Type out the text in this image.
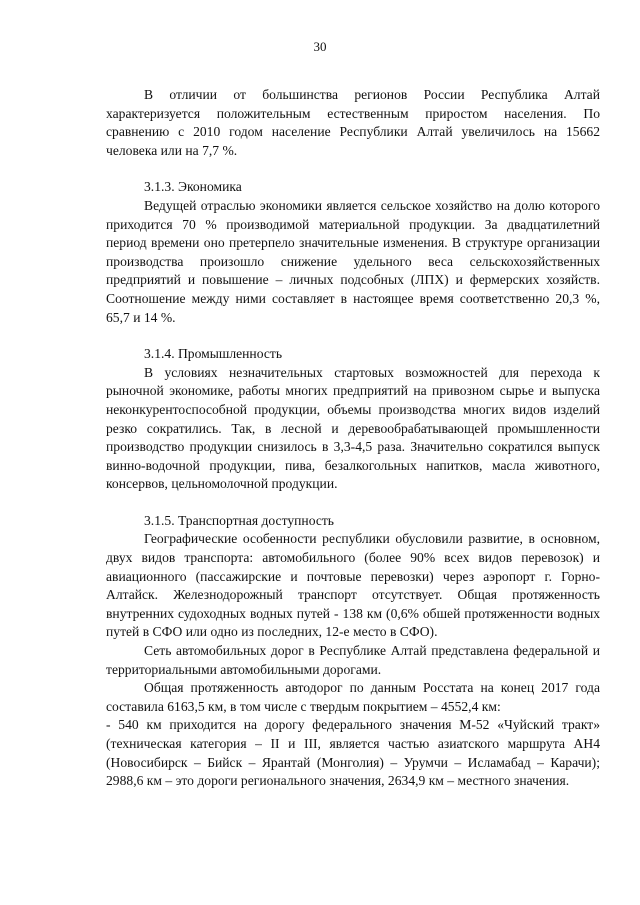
30

В отличии от большинства регионов России Республика Алтай характеризуется положительным естественным приростом населения. По сравнению с 2010 годом население Республики Алтай увеличилось на 15662 человека или на 7,7 %.

3.1.3. Экономика

Ведущей отраслью экономики является сельское хозяйство на долю которого приходится 70 % производимой материальной продукции. За двадцатилетний период времени оно претерпело значительные изменения. В структуре организации производства произошло снижение удельного веса сельскохозяйственных предприятий и повышение – личных подсобных (ЛПХ) и фермерских хозяйств. Соотношение между ними составляет в настоящее время соответственно 20,3 %, 65,7 и 14 %.

3.1.4. Промышленность

В условиях незначительных стартовых возможностей для перехода к рыночной экономике, работы многих предприятий на привозном сырье и выпуска неконкурентоспособной продукции, объемы производства многих видов изделий резко сократились. Так, в лесной и деревообрабатывающей промышленности производство продукции снизилось в 3,3-4,5 раза. Значительно сократился выпуск винно-водочной продукции, пива, безалкогольных напитков, масла животного, консервов, цельномолочной продукции.

3.1.5. Транспортная доступность

Географические особенности республики обусловили развитие, в основном, двух видов транспорта: автомобильного (более 90% всех видов перевозок) и авиационного (пассажирские и почтовые перевозки) через аэропорт г. Горно-Алтайск. Железнодорожный транспорт отсутствует. Общая протяженность внутренних судоходных водных путей - 138 км (0,6% обшей протяженности водных путей в СФО или одно из последних, 12-е место в СФО).

Сеть автомобильных дорог в Республике Алтай представлена федеральной и территориальными автомобильными дорогами.

Общая протяженность автодорог по данным Росстата на конец 2017 года составила 6163,5 км, в том числе с твердым покрытием – 4552,4 км:

- 540 км приходится на дорогу федерального значения М-52 «Чуйский тракт» (техническая категория – II и III, является частью азиатского маршрута АН4 (Новосибирск – Бийск – Ярантай (Монголия) – Урумчи – Исламабад – Карачи); 2988,6 км – это дороги регионального значения, 2634,9 км – местного значения.
